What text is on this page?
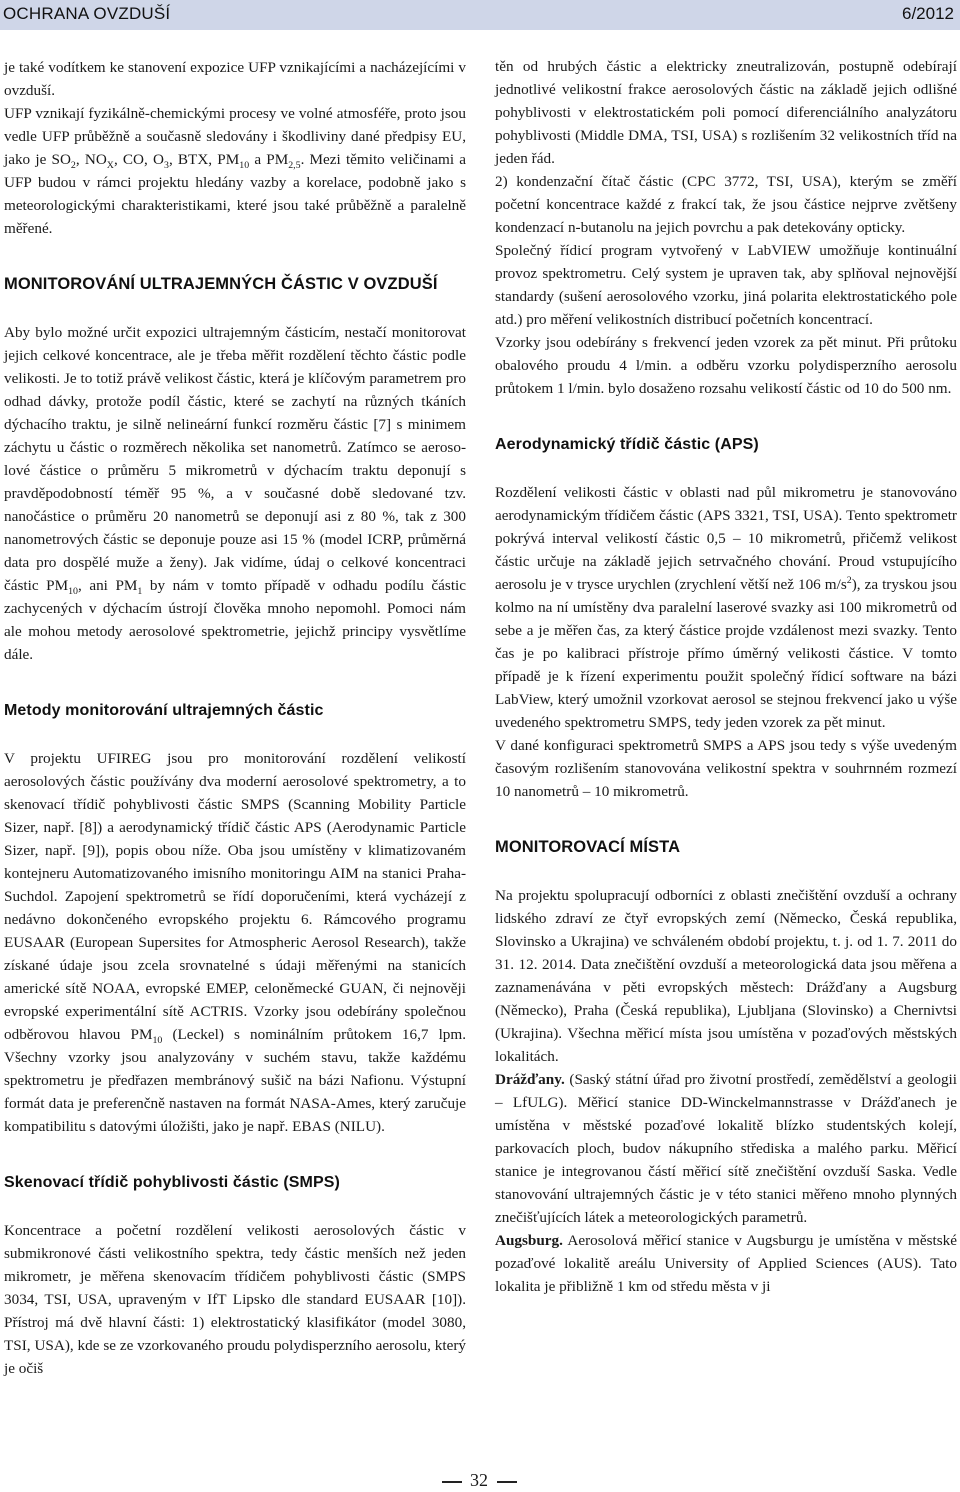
OCHRANA OVZDUŠÍ	6/2012

je také vodítkem ke stanovení expozice UFP vznikajícími a nacházejícími v ovzduší.

UFP vznikají fyzikálně-chemickými procesy ve volné atmosféře, proto jsou vedle UFP průběžně a současně sledovány i škodliviny dané předpisy EU, jako je $SO_2$, $NO_X$, CO, $O_3$, BTX, $PM_{10}$ a $PM_{2,5}$. Mezi těmito veličinami a UFP budou v rámci projektu hledány vazby a korelace, podobně jako s meteorologickými charakteristikami, které jsou také průběžně a paralelně měřené.

MONITOROVÁNÍ ULTRAJEMNÝCH ČÁSTIC V OVZDUŠÍ

Aby bylo možné určit expozici ultrajemným částicím, nestačí monitorovat jejich celkové koncentrace, ale je třeba měřit rozdělení těchto částic podle velikosti. Je to totiž právě velikost částic, která je klíčovým parametrem pro odhad dávky, protože podíl částic, které se zachytí na různých tkáních dýchacího traktu, je silně nelineární funkcí rozměru částic [7] s minimem záchytu u částic o rozměrech několika set nanometrů. Zatímco se aerosolové částice o průměru 5 mikrometrů v dýchacím traktu deponují s pravděpodobností téměř 95 %, a v současné době sledované tzv. nanočástice o průměru 20 nanometrů se deponují asi z 80 %, tak z 300 nanometrových částic se deponuje pouze asi 15 % (model ICRP, průměrná data pro dospělé muže a ženy). Jak vidíme, údaj o celkové koncentraci částic $PM_{10}$, ani $PM_1$ by nám v tomto případě v odhadu podílu částic zachycených v dýchacím ústrojí člověka mnoho nepomohl. Pomoci nám ale mohou metody aerosolové spektrometrie, jejichž principy vysvětlíme dále.

Metody monitorování ultrajemných částic

V projektu UFIREG jsou pro monitorování rozdělení velikostí aerosolových částic používány dva moderní aerosolové spektrometry, a to skenovací třídič pohyblivosti částic SMPS (Scanning Mobility Particle Sizer, např. [8]) a aerodynamický třídič částic APS (Aerodynamic Particle Sizer, např. [9]), popis obou níže. Oba jsou umístěny v klimatizovaném kontejneru Automatizovaného imisního monitoringu AIM na stanici Praha-Suchdol. Zapojení spektrometrů se řídí doporučeními, která vycházejí z nedávno dokončeného evropského projektu 6. Rámcového programu EUSAAR (European Supersites for Atmospheric Aerosol Research), takže získané údaje jsou zcela srovnatelné s údaji měřenými na stanicích americké sítě NOAA, evropské EMEP, celoněmecké GUAN, či nejnověji evropské experimentální sítě ACTRIS. Vzorky jsou odebírány společnou odběrovou hlavou $PM_{10}$ (Leckel) s nominálním průtokem 16,7 lpm. Všechny vzorky jsou analyzovány v suchém stavu, takže každému spektrometru je předřazen membránový sušič na bázi Nafionu. Výstupní formát data je preferenčně nastaven na formát NASA-Ames, který zaručuje kompatibilitu s datovými úložišti, jako je např. EBAS (NILU).

Skenovací třídič pohyblivosti částic (SMPS)

Koncentrace a početní rozdělení velikosti aerosolových částic v submikronové části velikostního spektra, tedy částic menších než jeden mikrometr, je měřena skenovacím třídičem pohyblivosti částic (SMPS 3034, TSI, USA, upraveným v IfT Lipsko dle standard EUSAAR [10]). Přístroj má dvě hlavní části: 1) elektrostatický klasifikátor (model 3080, TSI, USA), kde se ze vzorkovaného proudu polydisperzního aerosolu, který je očiš

těn od hrubých částic a elektricky zneutralizován, postupně odebírají jednotlivé velikostní frakce aerosolových částic na základě jejich odlišné pohyblivosti v elektrostatickém poli pomocí diferenciálního analyzátoru pohyblivosti (Middle DMA, TSI, USA) s rozlišením 32 velikostních tříd na jeden řád.

2) kondenzační čítač částic (CPC 3772, TSI, USA), kterým se změří početní koncentrace každé z frakcí tak, že jsou částice nejprve zvětšeny kondenzací n-butanolu na jejich povrchu a pak detekovány opticky.

Společný řídicí program vytvořený v LabVIEW umožňuje kontinuální provoz spektrometru. Celý system je upraven tak, aby splňoval nejnovější standardy (sušení aerosolového vzorku, jiná polarita elektrostatického pole atd.) pro měření velikostních distribucí početních koncentrací.

Vzorky jsou odebírány s frekvencí jeden vzorek za pět minut. Při průtoku obalového proudu 4 l/min. a odběru vzorku polydisperzního aerosolu průtokem 1 l/min. bylo dosaženo rozsahu velikostí částic od 10 do 500 nm.

Aerodynamický třídič částic (APS)

Rozdělení velikosti částic v oblasti nad půl mikrometru je stanovováno aerodynamickým třídičem částic (APS 3321, TSI, USA). Tento spektrometr pokrývá interval velikostí částic 0,5 – 10 mikrometrů, přičemž velikost částic určuje na základě jejich setrvačného chování. Proud vstupujícího aerosolu je v trysce urychlen (zrychlení větší než 106 $m/s^2$), za tryskou jsou kolmo na ní umístěny dva paralelní laserové svazky asi 100 mikrometrů od sebe a je měřen čas, za který částice projde vzdálenost mezi svazky. Tento čas je po kalibraci přístroje přímo úměrný velikosti částice. V tomto případě je k řízení experimentu použit společný řídicí software na bázi LabView, který umožnil vzorkovat aerosol se stejnou frekvencí jako u výše uvedeného spektrometru SMPS, tedy jeden vzorek za pět minut.

V dané konfiguraci spektrometrů SMPS a APS jsou tedy s výše uvedeným časovým rozlišením stanovována velikostní spektra v souhrnném rozmezí 10 nanometrů – 10 mikrometrů.

MONITOROVACÍ MÍSTA

Na projektu spolupracují odborníci z oblasti znečištění ovzduší a ochrany lidského zdraví ze čtyř evropských zemí (Německo, Česká republika, Slovinsko a Ukrajina) ve schváleném období projektu, t. j. od 1. 7. 2011 do 31. 12. 2014. Data znečištění ovzduší a meteorologická data jsou měřena a zaznamenávána v pěti evropských městech: Drážďany a Augsburg (Německo), Praha (Česká republika), Ljubljana (Slovinsko) a Chernivtsi (Ukrajina). Všechna měřicí místa jsou umístěna v pozaďových městských lokalitách.

Drážďany. (Saský státní úřad pro životní prostředí, zemědělství a geologii – LfULG). Měřicí stanice DD-Winckelmannstrasse v Drážďanech je umístěna v městské pozaďové lokalitě blízko studentských kolejí, parkovacích ploch, budov nákupního střediska a malého parku. Měřicí stanice je integrovanou částí měřicí sítě znečištění ovzduší Saska. Vedle stanovování ultrajemných částic je v této stanici měřeno mnoho plynných znečišťujících látek a meteorologických parametrů.

Augsburg. Aerosolová měřicí stanice v Augsburgu je umístěna v městské pozaďové lokalitě areálu University of Applied Sciences (AUS). Tato lokalita je přibližně 1 km od středu města v ji

32
